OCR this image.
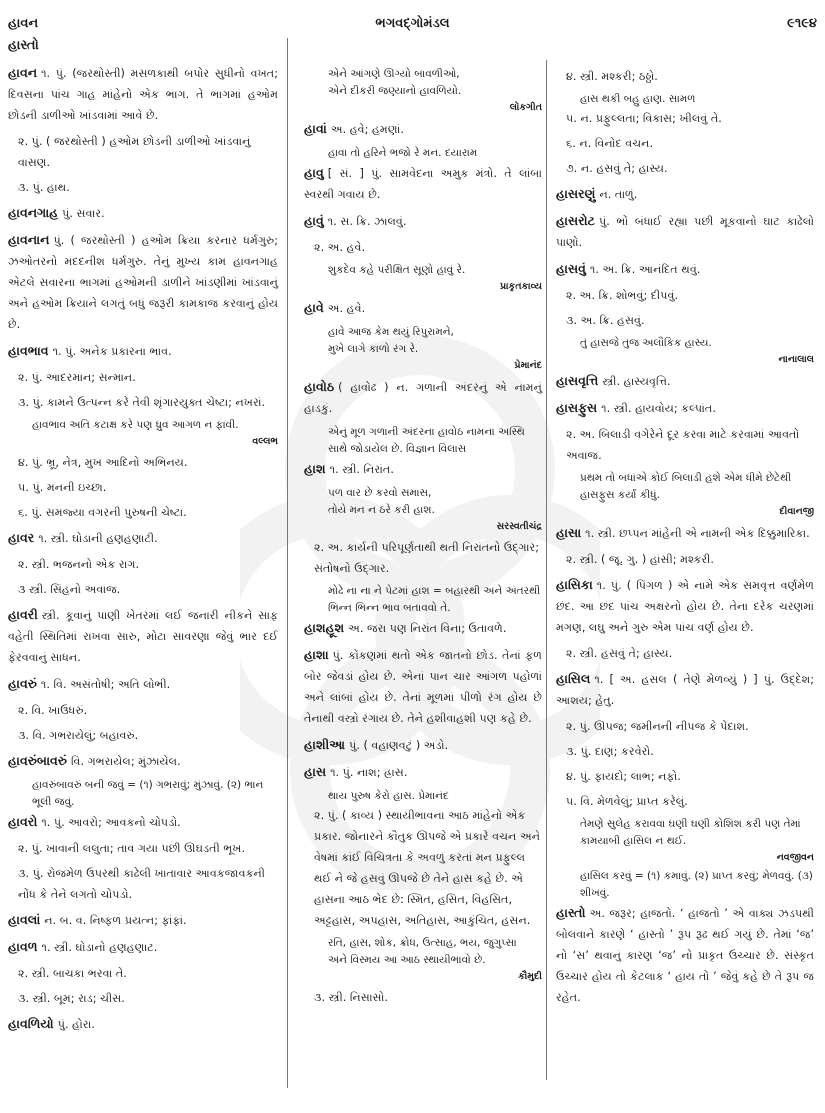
હાવન
હાસ્તો
ભગવદ્ગોમંડલ	૯૧૯૪
હાવન ૧. પું. (જરથોસ્તી) મસળકાથી બપોર સુધીનો વખત; દિવસના પાંચ ગાહ માંહેનો એક ભાગ. તે ભાગમાં હઓમ છોડની ડાળીઓ ખાંડવામાં આવે છે.
૨. પું. ( જરથોસ્તી ) હઓમ છોડની ડાળીઓ ખાંડવાનું વાસણ.
૩. પું. હાથ.
હાવનગાહ પું. સવાર.
હાવનાન પું. ( જરથોસ્તી ) હઓમ ક્રિયા કરનાર ધર્મગુરુ; ઝઓતરનો મદદનીશ ધર્મગુરુ. તેનું મુખ્ય કામ હાવનગાહ એટલે સવારના ભાગમાં હઓમની ડાળીને ખાંડણીમાં ખાંડવાનું અને હઓમ ક્રિયાને લગતું બધું જરૂરી કામકાજ કરવાનું હોય છે.
હાવભાવ ૧. પું. અનેક પ્રકારના ભાવ.
૨. પું. આદરમાન; સન્માન.
૩. પું. કામને ઉત્પન્ન કરે તેવી શૃંગારયુક્ત ચેષ્ટા; નખરાં.
હાવભાવ અતિ કટાક્ષ કરે પણ ધ્રુવ આગળ ન ફાવી.
વલ્લભ
૪. પું. ભ્રૂ, નેત્ર, મુખ આદિનો અભિનય.
૫. પું. મનની ઇચ્છા.
૬. પું. સમજ્યા વગરની પુરુષની ચેષ્ટા.
હાવર ૧. સ્ત્રી. ઘોડાની હણહણાટી.
૨. સ્ત્રી. ભજનનો એક રાગ.
૩ સ્ત્રી. સિંહનો અવાજ.
હાવરી સ્ત્રી. કૂવાનું પાણી ખેતરમાં લઈ જનારી નીકને સાફ વહેતી સ્થિતિમાં રાખવા સારુ, મોટા સાવરણા જેવું ભાર દઈ ફેરવવાનું સાધન.
હાવરું ૧. વિ. અસંતોષી; અતિ લોભી.
૨. વિ. ખાઉધરું.
૩. વિ. ગભરાયેલું; બહાવરું.
હાવરુંબાવરું વિ. ગભરાયેલ; મુંઝાયેલ.
હાવરુંબાવરું બની જવું = (૧) ગભરાવું; મુંઝાવું. (૨) ભાન ભૂલી જવું.
હાવરો ૧. પું. આવરો; આવકનો ચોપડો.
૨. પું. ખાવાની લલુતા; તાવ ગયા પછી ઊઘડતી ભૂખ.
૩. પું. રોજમેળ ઉપરથી કાઢેલી ખાતાવાર આવકજાવકની નોંધ કે તેને લગતો ચોપડો.
હાવલાં ન. બ. વ. નિષ્ફળ પ્રયત્ન; ફાંફાં.
હાવળ ૧. સ્ત્રી. ઘોડાનો હણહણાટ.
૨. સ્ત્રી. બાચકા ભરવા તે.
૩. સ્ત્રી. બૂમ; રાડ; ચીસ.
હાવળિયો પું. હોરા.
એને આંગણે ઊગ્યો બાવળીઓ,
એને દીકરી જણ્યાનો હાવળિયો.
લોકગીત
હાવાં અ. હવે; હમણાં.
હાવા તો હરિને ભજો રે મન. દયારામ
હાવુ [ સં. ] પું. સામવેદના અમુક મંત્રો. તે લાંબા સ્વરથી ગવાય છે.
હાવું ૧. સ. ક્રિ. ઝાલવું.
૨. અ. હવે.
શુકદેવ કહે પરીક્ષિત સૂણો હાવું રે.
પ્રાકૃતકાવ્ય
હાવે અ. હવે.
હાવે આજ કેમ થયું રિપુરામને,
મુખે લાગે કાળો રંગ રે.
પ્રેમાનંદ
હાવોઠ ( હાવોઢ ) ન. ગળાની અંદરનું એ નામનું હાડકું.
એનું મૂળ ગળાની અંદરના હાવોઠ નામના અસ્થિ સાથે જોડાયેલ છે. વિજ્ઞાન વિલાસ
હાશ ૧. સ્ત્રી. નિરાંત.
પળ વાર છે કરવો સમાસ,
તોયે મન ન ઠરે કરી હાશ.
સરસ્વતીચંદ્ર
૨. અ. કાર્યની પરિપૂર્ણતાથી થતી નિરાંતનો ઉદ્ગાર; સંતોષનો ઉદ્ગાર.
મોઢે ના ના ને પેટમાં હાશ = બહારથી અને અંતરથી ભિન્ન ભિન્ન ભાવ બતાવવો તે.
હાશહૂશ અ. જરા પણ નિરાંત વિના; ઉતાવળે.
હાશા પું. કોંકણમાં થતો એક જાતનો છોડ. તેનાં ફળ બોર જેવડાં હોય છે. એનાં પાન ચાર આંગળ પહોળાં અને લાંબાં હોય છે. તેનાં મૂળમાં પીળો રંગ હોય છે તેનાથી વસ્ત્રો રંગાય છે. તેને હશીવાહશી પણ કહે છે.
હાશીઆ પું. ( વહાણવટું ) અડો.
હાસ ૧. પું. નાશ; હ્રાસ.
થાય પુરુષ કેરો હાસ. પ્રેમાનંદ
૨. પું. ( કાવ્ય ) સ્થાયીભાવના આઠ માંહેનો એક પ્રકાર. જોનારને કૌતુક ઊપજે એ પ્રકારે વચન અને વેષમાં કાંઈ વિચિત્રતા કે અવળું કરતાં મન પ્રફુલ્લ થઈ ને જે હસવું ઊપજે છે તેને હાસ કહે છે. એ હાસના આઠ ભેદ છે: સ્મિત, હસિત, વિહસિત, અટ્ટહાસ, અપહાસ, અતિહાસ, આકુંચિત, હસન.
રતિ, હાસ, શોક, ક્રોધ, ઉત્સાહ, ભય, જુગુપ્સા
અને વિસ્મય આ આઠ સ્થાયીભાવો છે.
કૌમુદી
૩. સ્ત્રી. નિસાસો.
૪. સ્ત્રી. મશ્કરી; ઠઠ્ઠો.
હાસ થકી બહુ હાણ. સામળ
૫. ન. પ્રફુલ્લતા; વિકાસ; ખીલવું તે.
૬. ન. વિનોદ વચન.
૭. ન. હસવું તે; હાસ્ય.
હાસરણું ન. તાળું.
હાસરોટ પું. ભોં બંધાઈ રહ્યા પછી મૂકવાનો ઘાટ કાઢેલો પાણો.
હાસવું ૧. અ. ક્રિ. આનંદિત થવું.
૨. અ. ક્રિ. શોભવું; દીપવું.
૩. અ. ક્રિ. હસવું.
તું હાસજે તુજ અલૌકિક હાસ્ય.
નાનાલાલ
હાસવૃત્તિ સ્ત્રી. હાસ્યવૃત્તિ.
હાસફુસ ૧. સ્ત્રી. હાયવોય; કલ્પાંત.
૨. અ. બિલાડી વગેરેને દૂર કરવા માટે કરવામાં આવતો અવાજ.
પ્રથમ તો બધાંએ કોઈ બિલાડી હશે એમ ધીમે છેટેથી હાસફુસ કર્યાં કીધું.
દીવાનજી
હાસા ૧. સ્ત્રી. છપ્પન માંહેની એ નામની એક દિક્કુમારિકા.
૨. સ્ત્રી. ( જૂ. ગુ. ) હાંસી; મશ્કરી.
હાસિકા ૧. પું. ( પિંગળ ) એ નામે એક સમવૃત્ત વર્ણમેળ છંદ. આ છંદ પાંચ અક્ષરનો હોય છે. તેના દરેક ચરણમાં મગણ, લઘુ અને ગુરુ એમ પાંચ વર્ણ હોય છે.
૨. સ્ત્રી. હસવું તે; હાસ્ય.
હાસિલ ૧. [ અ. હસલ ( તેણે મેળવ્યું ) ] પું. ઉદ્દેશ; આશય; હેતુ.
૨. પું. ઊપજ; જમીનની નીપજ કે પેદાશ.
૩. પું. દાણ; કરવેરો.
૪. પું. ફાયદો; લાભ; નફો.
૫. વિ. મેળવેલું; પ્રાપ્ત કરેલું.
તેમણે સુલેહ કરાવવા ઘણી ઘણી કોશિશ કરી પણ તેમાં કામયાબી હાસિલ ન થઈ.
નવજીવન
હાસિલ કરવું = (૧) કમાવું. (૨) પ્રાપ્ત કરવું; મેળવવું. (૩) શીખવું.
હાસ્તો અ. જરૂર; હાજતો. ‘ હાજતો ’ એ વાક્ય ઝડપથી બોલવાને કારણે ‘ હાસ્તો ’ રૂપ રૂઢ થઈ ગયું છે. તેમાં ‘જ’ નો ‘સ’ થવાનું કારણ ‘જ’ નો પ્રાકૃત ઉચ્ચાર છે. સંસ્કૃત ઉચ્ચાર હોય તો કેટલાક ‘ હાય તો ’ જેવું કહે છે તે રૂપ જ રહેત.
